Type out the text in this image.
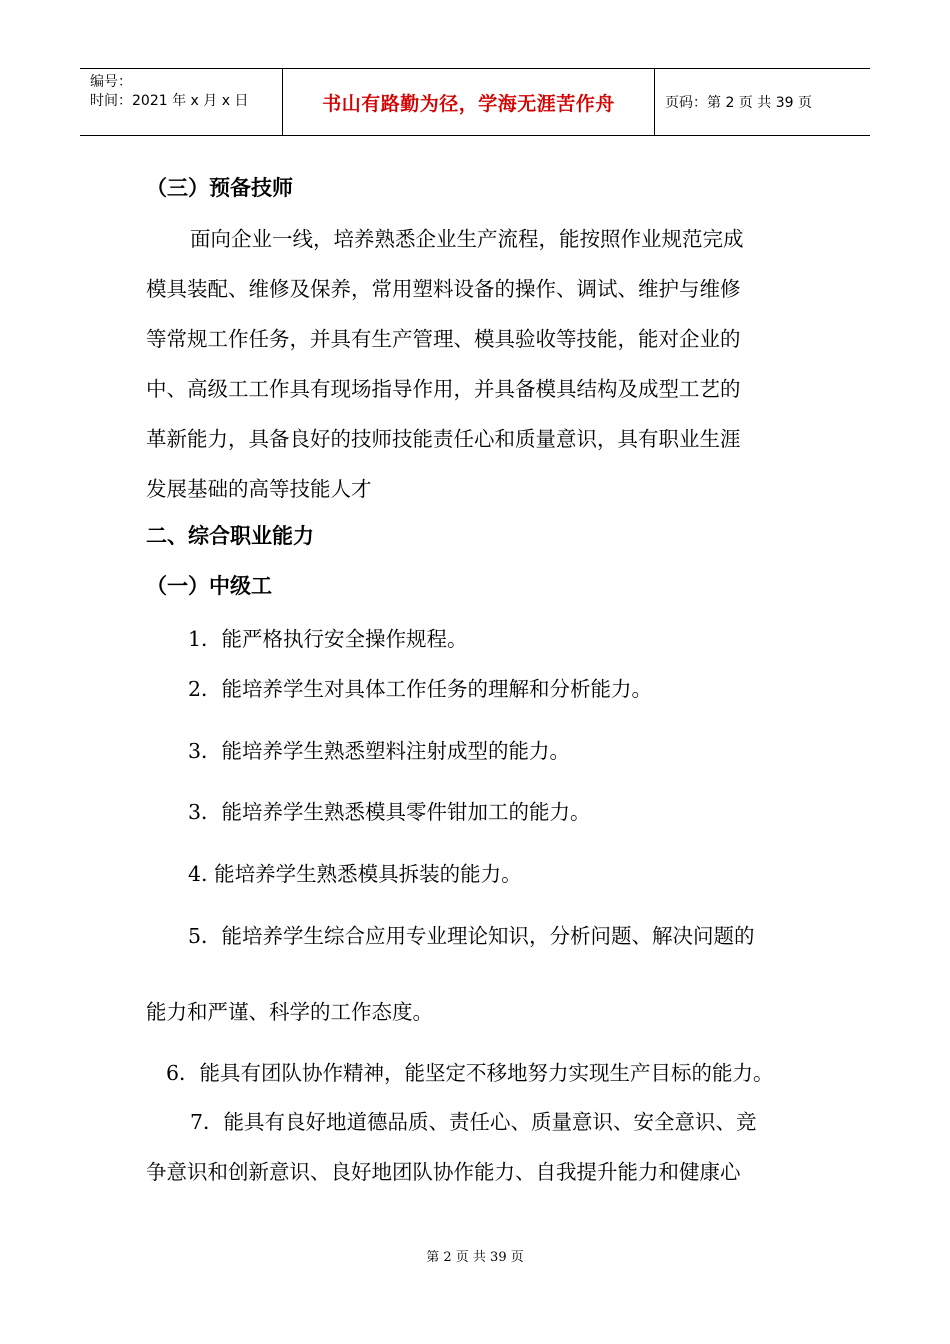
编号：
时间：2021 年 x 月 x 日	书山有路勤为径，学海无涯苦作舟	页码：第 2 页 共 39 页
（三）预备技师
面向企业一线，培养熟悉企业生产流程，能按照作业规范完成
模具装配、维修及保养，常用塑料设备的操作、调试、维护与维修
等常规工作任务，并具有生产管理、模具验收等技能，能对企业的
中、高级工工作具有现场指导作用，并具备模具结构及成型工艺的
革新能力，具备良好的技师技能责任心和质量意识，具有职业生涯
发展基础的高等技能人才
二、综合职业能力
（一）中级工
1．能严格执行安全操作规程。
2．能培养学生对具体工作任务的理解和分析能力。
3．能培养学生熟悉塑料注射成型的能力。
3．能培养学生熟悉模具零件钳加工的能力。
4. 能培养学生熟悉模具拆装的能力。
5．能培养学生综合应用专业理论知识，分析问题、解决问题的
能力和严谨、科学的工作态度。
6．能具有团队协作精神，能坚定不移地努力实现生产目标的能力。
7．能具有良好地道德品质、责任心、质量意识、安全意识、竞
争意识和创新意识、良好地团队协作能力、自我提升能力和健康心
第 2 页 共 39 页
